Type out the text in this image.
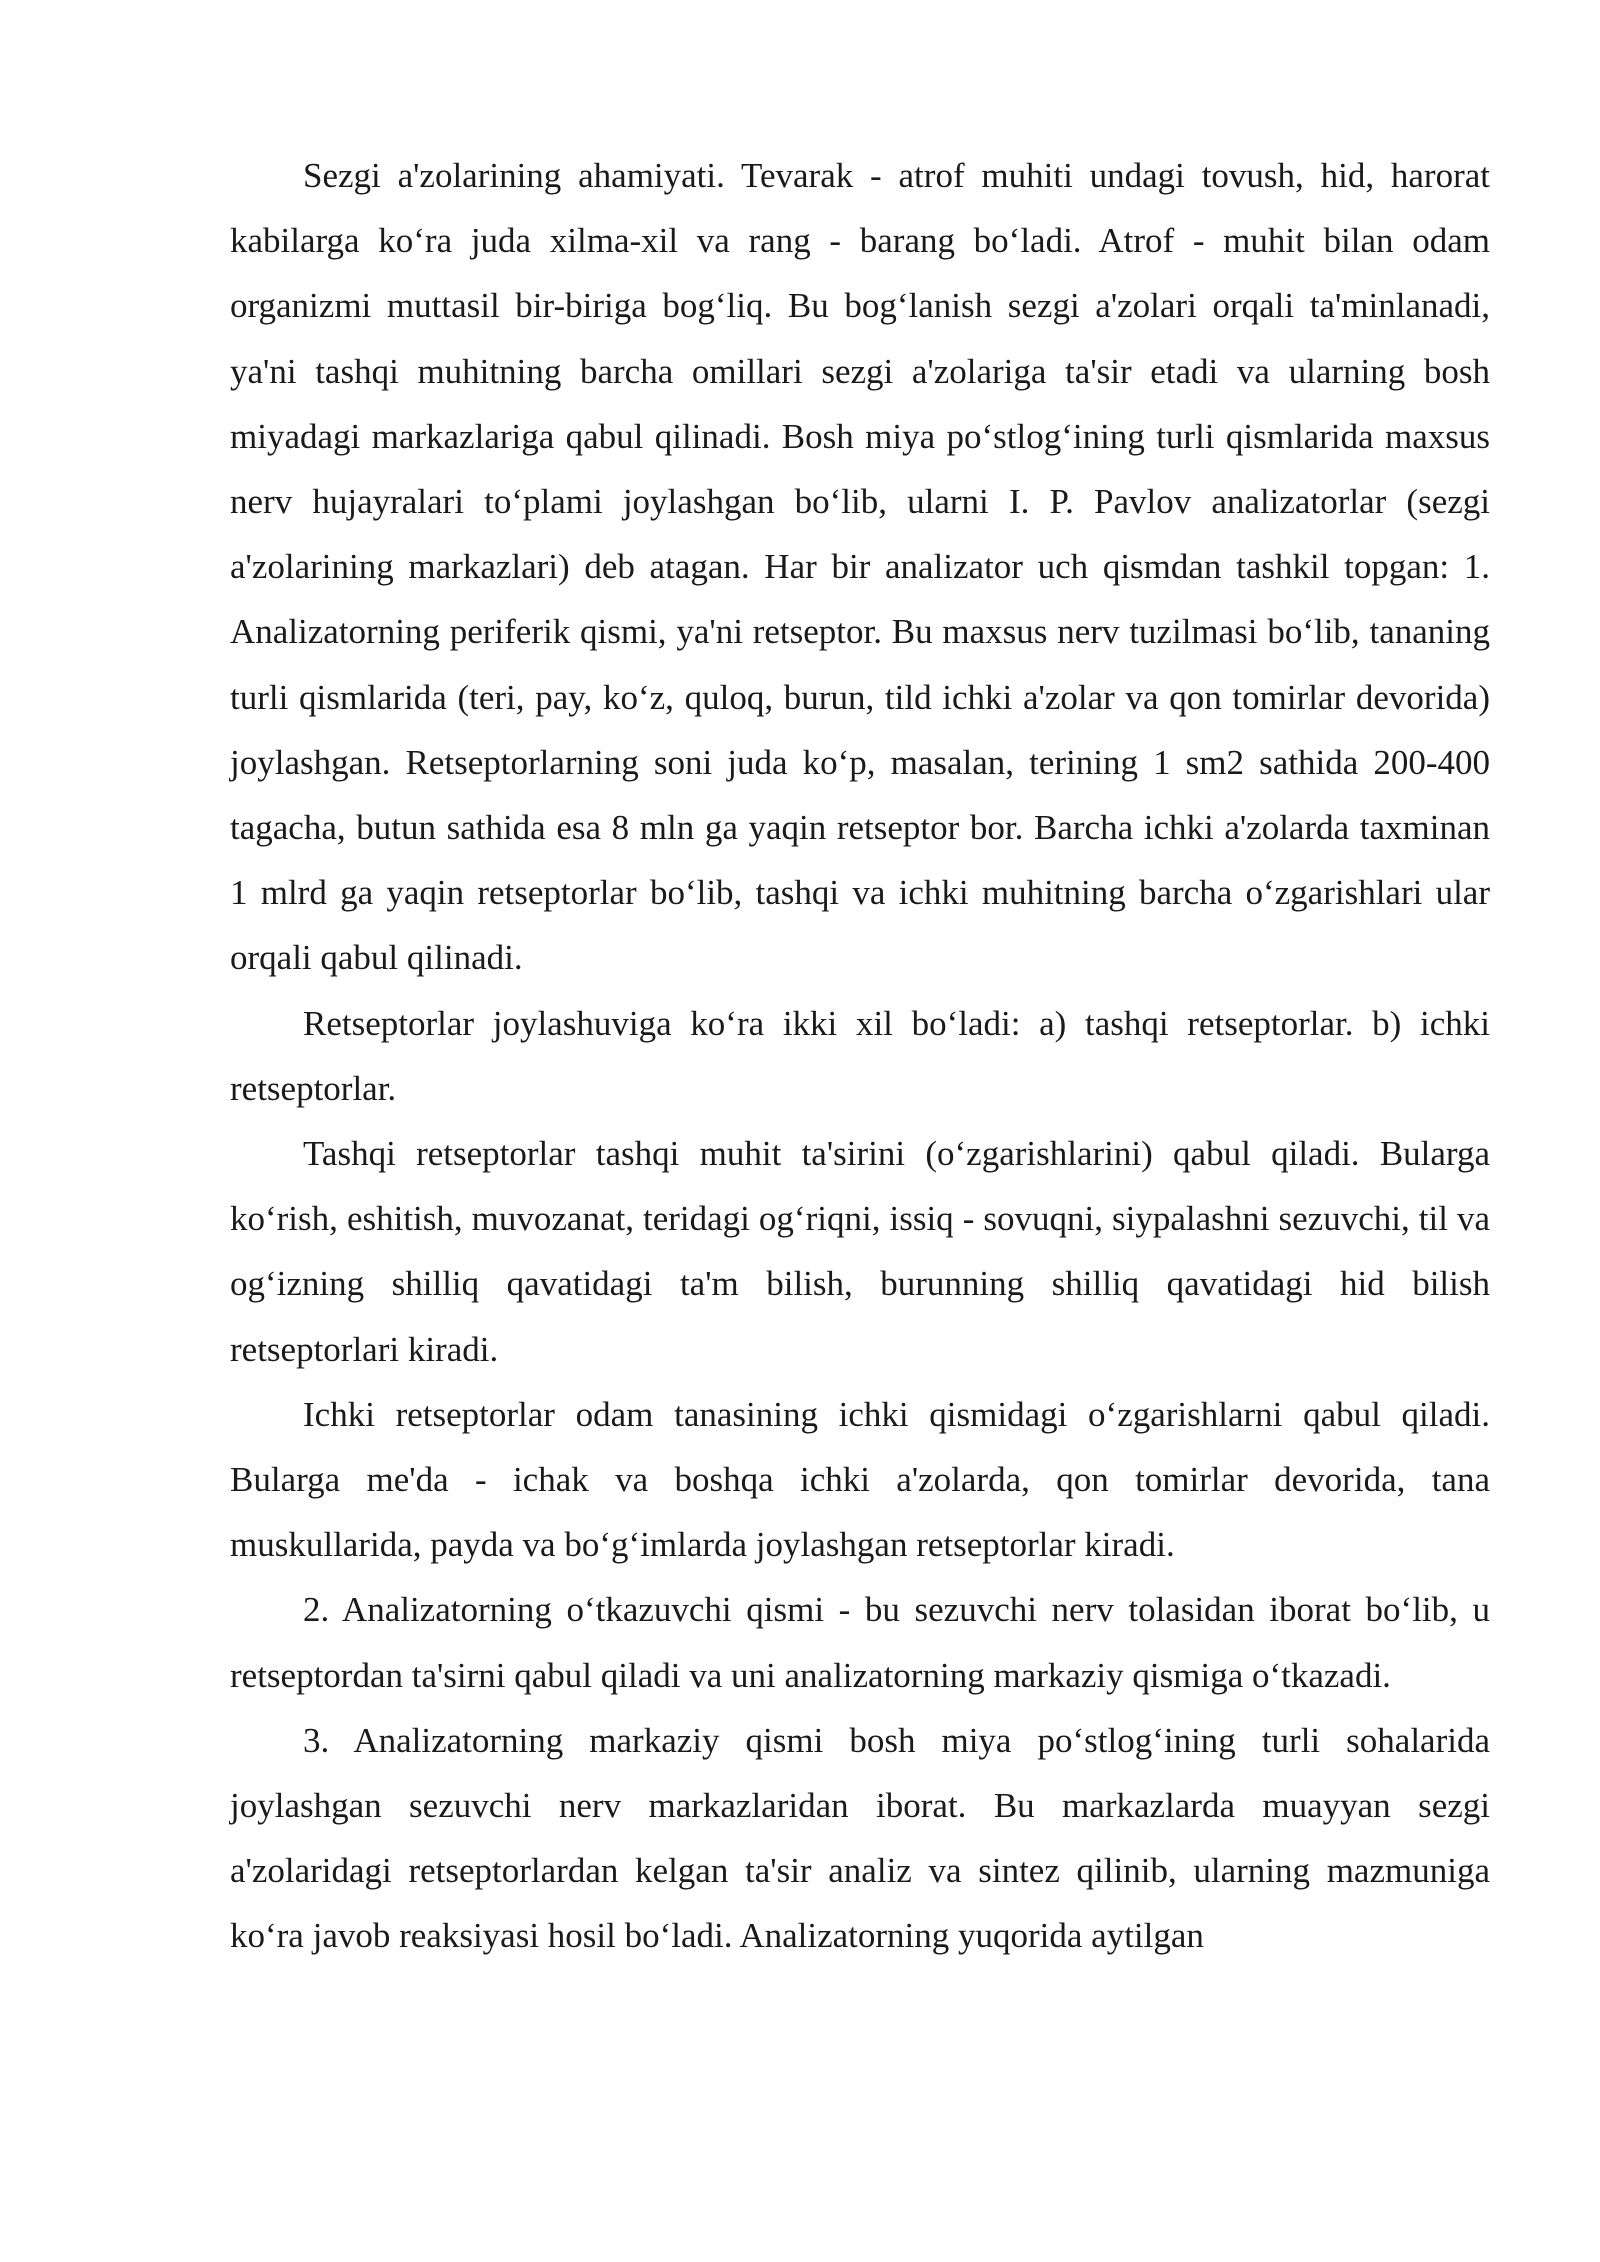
Sezgi a'zolarining ahamiyati. Tevarak - atrof muhiti undagi tovush, hid, harorat kabilarga koʻra juda xilma-xil va rang - barang boʻladi. Atrof - muhit bilan odam organizmi muttasil bir-biriga bogʻliq. Bu bogʻlanish sezgi a'zolari orqali ta'minlanadi, ya'ni tashqi muhitning barcha omillari sezgi a'zolariga ta'sir etadi va ularning bosh miyadagi markazlariga qabul qilinadi. Bosh miya poʻstlogʻining turli qismlarida maxsus nerv hujayralari toʻplami joylashgan boʻlib, ularni I. P. Pavlov analizatorlar (sezgi a'zolarining markazlari) deb atagan. Har bir analizator uch qismdan tashkil topgan: 1. Analizatorning periferik qismi, ya'ni retseptor. Bu maxsus nerv tuzilmasi boʻlib, tananing turli qismlarida (teri, pay, koʻz, quloq, burun, tild ichki a'zolar va qon tomirlar devorida) joylashgan. Retseptorlarning soni juda koʻp, masalan, terining 1 sm2 sathida 200-400 tagacha, butun sathida esa 8 mln ga yaqin retseptor bor. Barcha ichki a'zolarda taxminan 1 mlrd ga yaqin retseptorlar boʻlib, tashqi va ichki muhitning barcha oʻzgarishlari ular orqali qabul qilinadi.

Retseptorlar joylashuviga koʻra ikki xil boʻladi: a) tashqi retseptorlar. b) ichki retseptorlar.

Tashqi retseptorlar tashqi muhit ta'sirini (oʻzgarishlarini) qabul qiladi. Bularga koʻrish, eshitish, muvozanat, teridagi ogʻriqni, issiq - sovuqni, siypalashni sezuvchi, til va ogʻizning shilliq qavatidagi ta'm bilish, burunning shilliq qavatidagi hid bilish retseptorlari kiradi.

Ichki retseptorlar odam tanasining ichki qismidagi oʻzgarishlarni qabul qiladi. Bularga me'da - ichak va boshqa ichki a'zolarda, qon tomirlar devorida, tana muskullarida, payda va boʻgʻimlarda joylashgan retseptorlar kiradi.

2. Analizatorning oʻtkazuvchi qismi - bu sezuvchi nerv tolasidan iborat boʻlib, u retseptordan ta'sirni qabul qiladi va uni analizatorning markaziy qismiga oʻtkazadi.

3. Analizatorning markaziy qismi bosh miya poʻstlogʻining turli sohalarida joylashgan sezuvchi nerv markazlaridan iborat. Bu markazlarda muayyan sezgi a'zolaridagi retseptorlardan kelgan ta'sir analiz va sintez qilinib, ularning mazmuniga koʻra javob reaksiyasi hosil boʻladi. Analizatorning yuqorida aytilgan
